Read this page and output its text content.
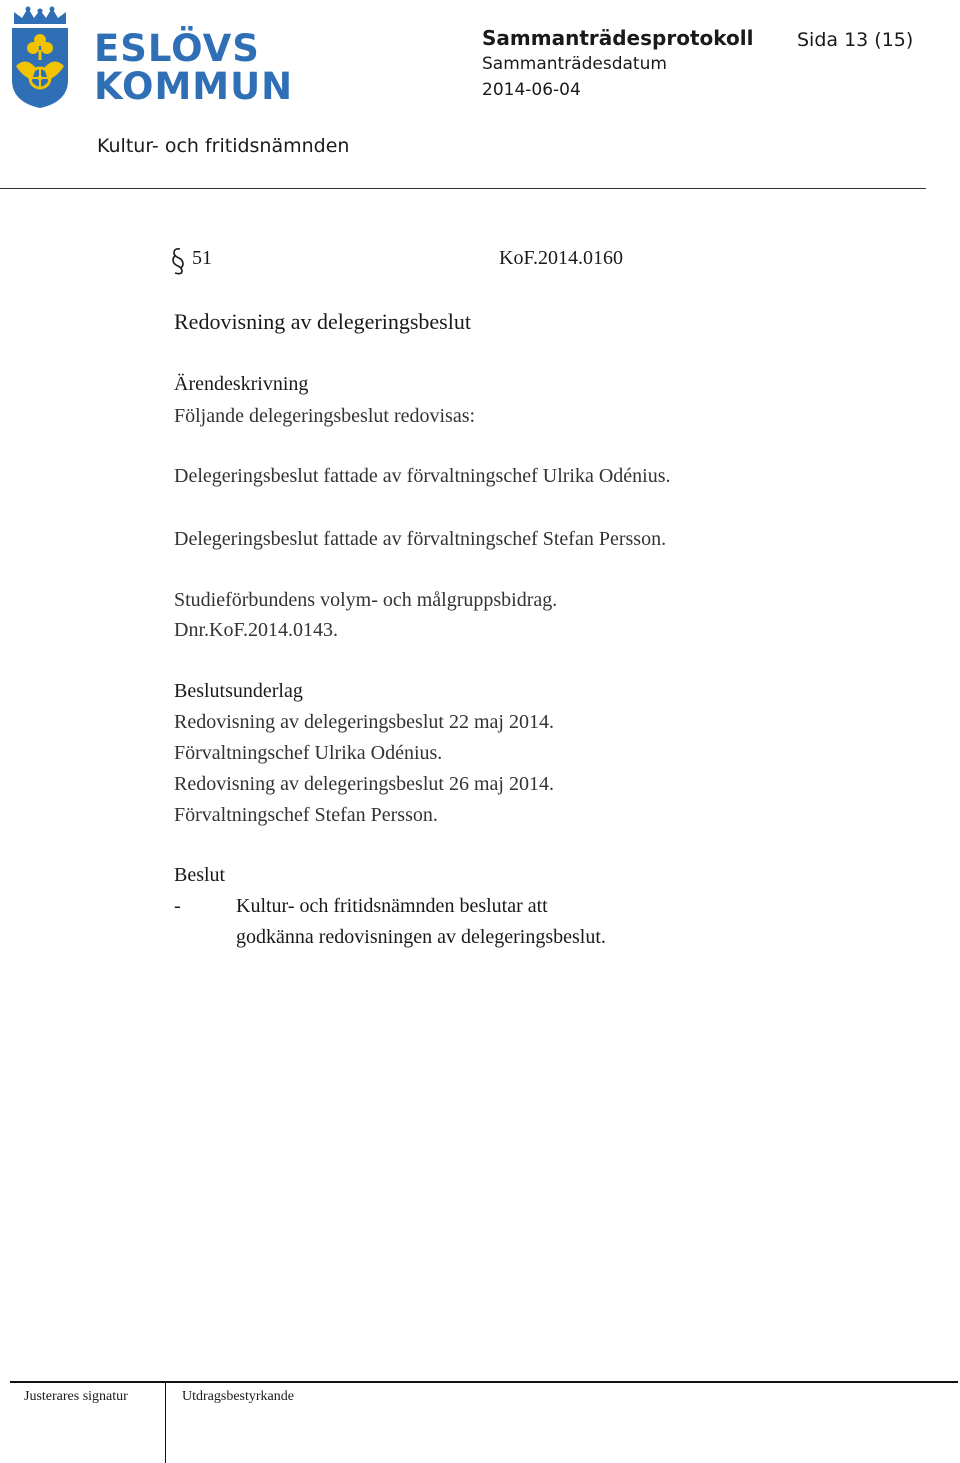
ESLÖVS
KOMMUN
Sammanträdesprotokoll Sida 13 (15)
Sammanträdesdatum
2014-06-04
Kultur- och fritidsnämnden
51	KoF.2014.0160
Redovisning av delegeringsbeslut
Ärendeskrivning
Följande delegeringsbeslut redovisas:
Delegeringsbeslut fattade av förvaltningschef Ulrika Odénius.
Delegeringsbeslut fattade av förvaltningschef Stefan Persson.
Studieförbundens volym- och målgruppsbidrag.
Dnr.KoF.2014.0143.
Beslutsunderlag
Redovisning av delegeringsbeslut 22 maj 2014.
Förvaltningschef Ulrika Odénius.
Redovisning av delegeringsbeslut 26 maj 2014.
Förvaltningschef Stefan Persson.
Beslut
-	Kultur- och fritidsnämnden beslutar att
godkänna redovisningen av delegeringsbeslut.
Justerares signatur	Utdragsbestyrkande
